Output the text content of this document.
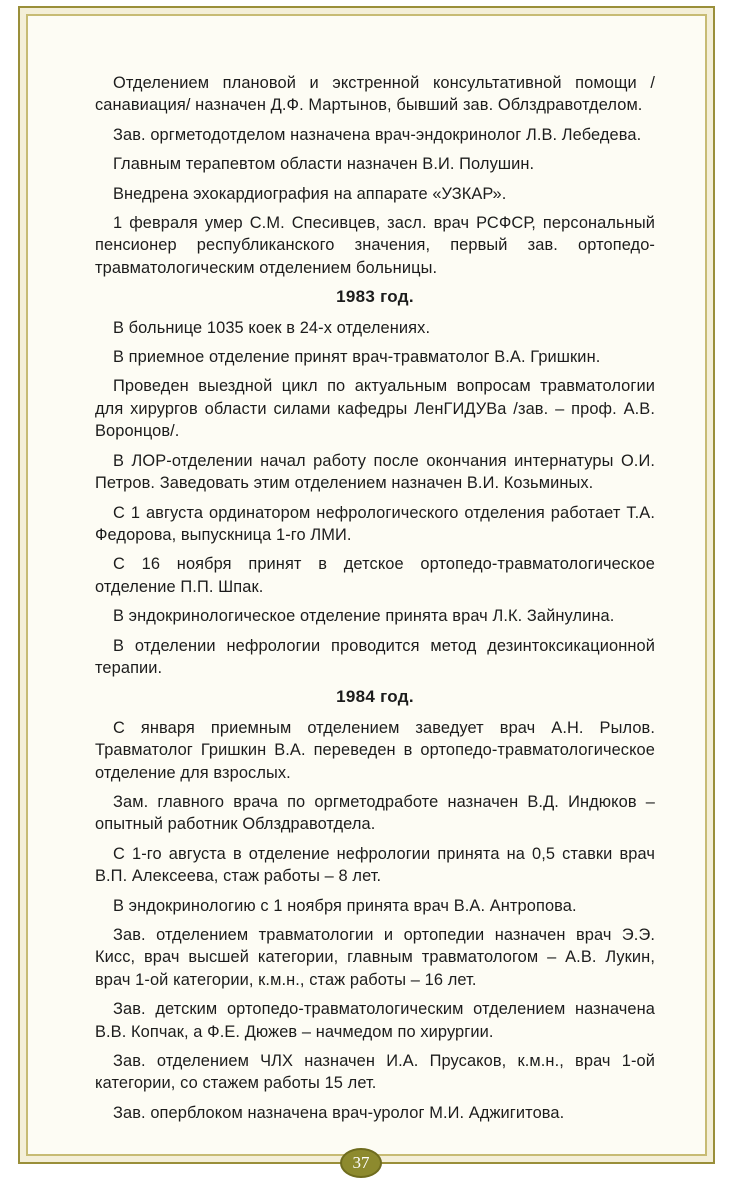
Отделением плановой и экстренной консультативной помощи /санавиация/ назначен Д.Ф. Мартынов, бывший зав. Облздравотделом.

Зав. оргметодотделом назначена врач-эндокринолог Л.В. Лебедева.

Главным терапевтом области назначен В.И. Полушин.

Внедрена эхокардиография на аппарате «УЗКАР».

1 февраля умер С.М. Спесивцев, засл. врач РСФСР, персональный пенсионер республиканского значения, первый зав. ортопедо-травматологическим отделением больницы.

1983 год.

В больнице 1035 коек в 24-х отделениях.

В приемное отделение принят врач-травматолог В.А. Гришкин.

Проведен выездной цикл по актуальным вопросам травматологии для хирургов области силами кафедры ЛенГИДУВа /зав. – проф. А.В. Воронцов/.

В ЛОР-отделении начал работу после окончания интернатуры О.И. Петров. Заведовать этим отделением назначен В.И. Козьминых.

С 1 августа ординатором нефрологического отделения работает Т.А. Федорова, выпускница 1-го ЛМИ.

С 16 ноября принят в детское ортопедо-травматологическое отделение П.П. Шпак.

В эндокринологическое отделение принята врач Л.К. Зайнулина.

В отделении нефрологии проводится метод дезинтоксикационной терапии.

1984 год.

С января приемным отделением заведует врач А.Н. Рылов. Травматолог Гришкин В.А. переведен в ортопедо-травматологическое отделение для взрослых.

Зам. главного врача по оргметодработе назначен В.Д. Индюков – опытный работник Облздравотдела.

С 1-го августа в отделение нефрологии принята на 0,5 ставки врач В.П. Алексеева, стаж работы – 8 лет.

В эндокринологию с 1 ноября принята врач В.А. Антропова.

Зав. отделением травматологии и ортопедии назначен врач Э.Э. Кисс, врач высшей категории, главным травматологом – А.В. Лукин, врач 1-ой категории, к.м.н., стаж работы – 16 лет.

Зав. детским ортопедо-травматологическим отделением назначена В.В. Копчак, а Ф.Е. Дюжев – начмедом по хирургии.

Зав. отделением ЧЛХ назначен И.А. Прусаков, к.м.н., врач 1-ой категории, со стажем работы 15 лет.

Зав. оперблоком назначена врач-уролог М.И. Аджигитова.

37
